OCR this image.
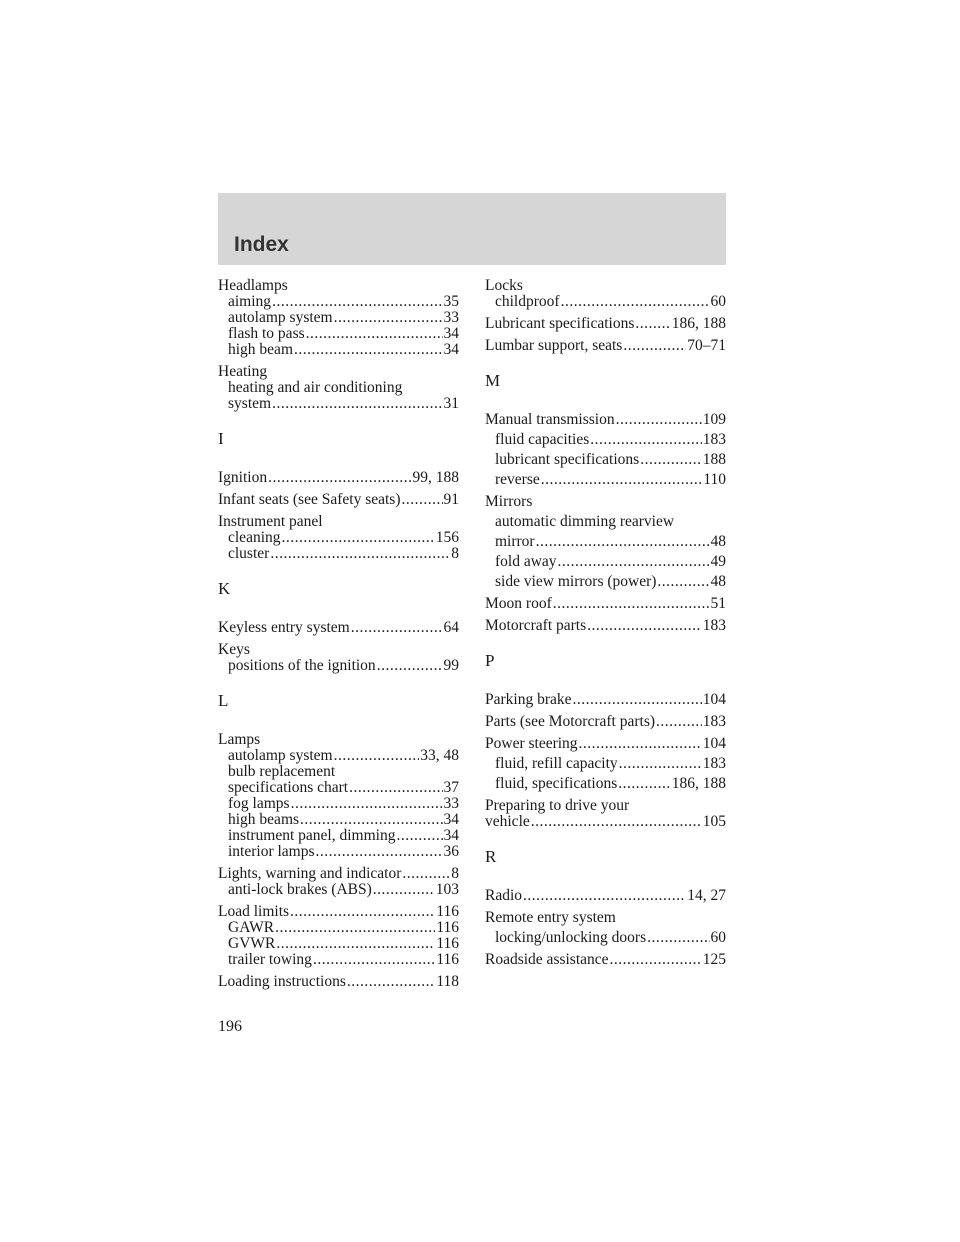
Index
Headlamps
aiming .....	35
autolamp system .....	33
flash to pass .....	34
high beam .....	34
Heating
heating and air conditioning
system .....	31
I
Ignition .....	99, 188
Infant seats (see Safety seats) .....	91
Instrument panel
cleaning .....	156
cluster .....	8
K
Keyless entry system .....	64
Keys
positions of the ignition .....	99
L
Lamps
autolamp system .....	33, 48
bulb replacement
specifications chart .....	37
fog lamps .....	33
high beams .....	34
instrument panel, dimming .....	34
interior lamps .....	36
Lights, warning and indicator .....	8
anti-lock brakes (ABS) .....	103
Load limits .....	116
GAWR .....	116
GVWR .....	116
trailer towing .....	116
Loading instructions .....	118
Locks
childproof .....	60
Lubricant specifications ..... 186, 188
Lumbar support, seats .....	70–71
M
Manual transmission .....	109
fluid capacities .....	183
lubricant specifications .....	188
reverse .....	110
Mirrors
automatic dimming rearview
mirror .....	48
fold away .....	49
side view mirrors (power) .....	48
Moon roof .....	51
Motorcraft parts .....	183
P
Parking brake .....	104
Parts (see Motorcraft parts) .....	183
Power steering .....	104
fluid, refill capacity .....	183
fluid, specifications .....	186, 188
Preparing to drive your
vehicle .....	105
R
Radio .....	14, 27
Remote entry system
locking/unlocking doors .....	60
Roadside assistance .....	125
196
